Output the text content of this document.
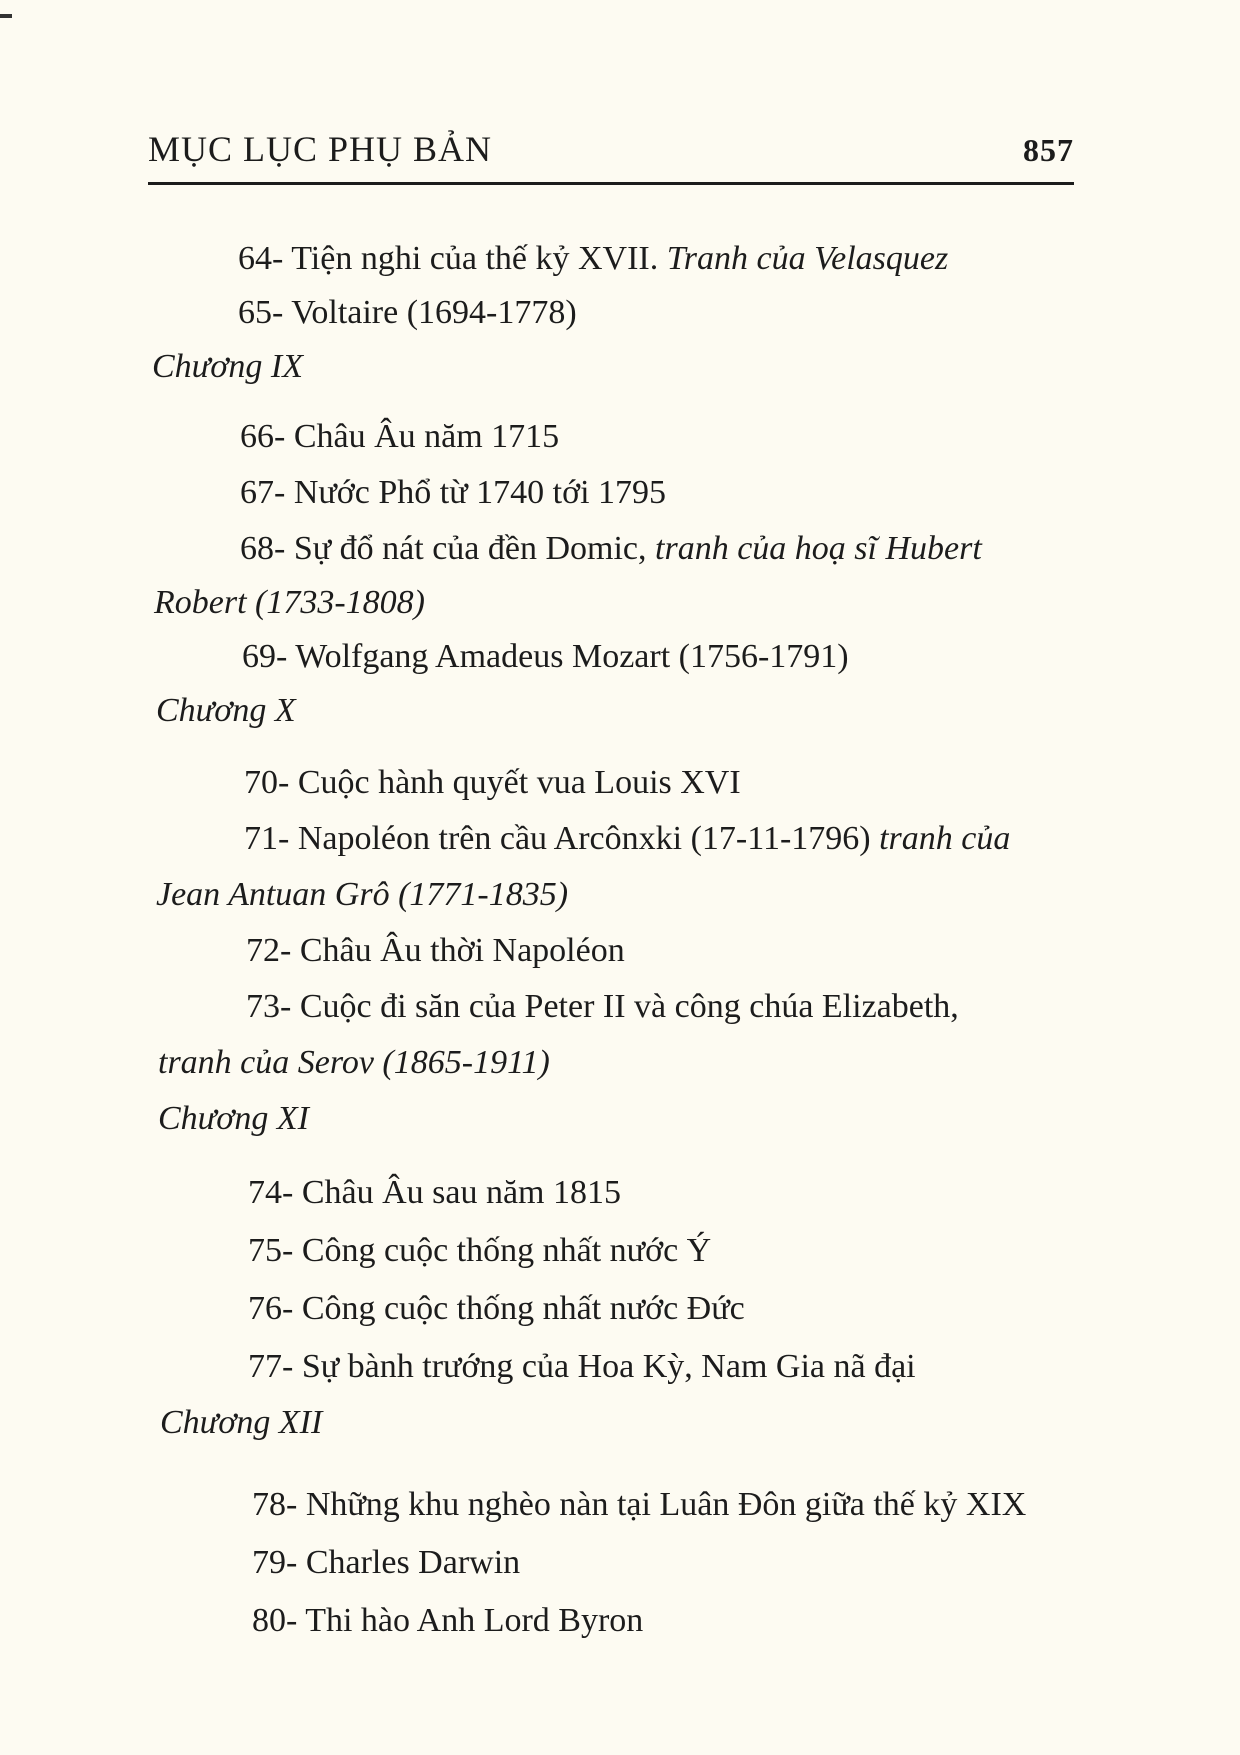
MỤC LỤC PHỤ BẢN	857
64- Tiện nghi của thế kỷ XVII. Tranh của Velasquez
65- Voltaire (1694-1778)
Chương IX
66- Châu Âu năm 1715
67- Nước Phổ từ 1740 tới 1795
68- Sự đổ nát của đền Domic, tranh của hoạ sĩ Hubert
Robert (1733-1808)
69- Wolfgang Amadeus Mozart (1756-1791)
Chương X
70- Cuộc hành quyết vua Louis XVI
71- Napoléon trên cầu Arcônxki (17-11-1796) tranh của
Jean Antuan Grô (1771-1835)
72- Châu Âu thời Napoléon
73- Cuộc đi săn của Peter II và công chúa Elizabeth,
tranh của Serov (1865-1911)
Chương XI
74- Châu Âu sau năm 1815
75- Công cuộc thống nhất nước Ý
76- Công cuộc thống nhất nước Đức
77- Sự bành trướng của Hoa Kỳ, Nam Gia nã đại
Chương XII
78- Những khu nghèo nàn tại Luân Đôn giữa thế kỷ XIX
79- Charles Darwin
80- Thi hào Anh Lord Byron
